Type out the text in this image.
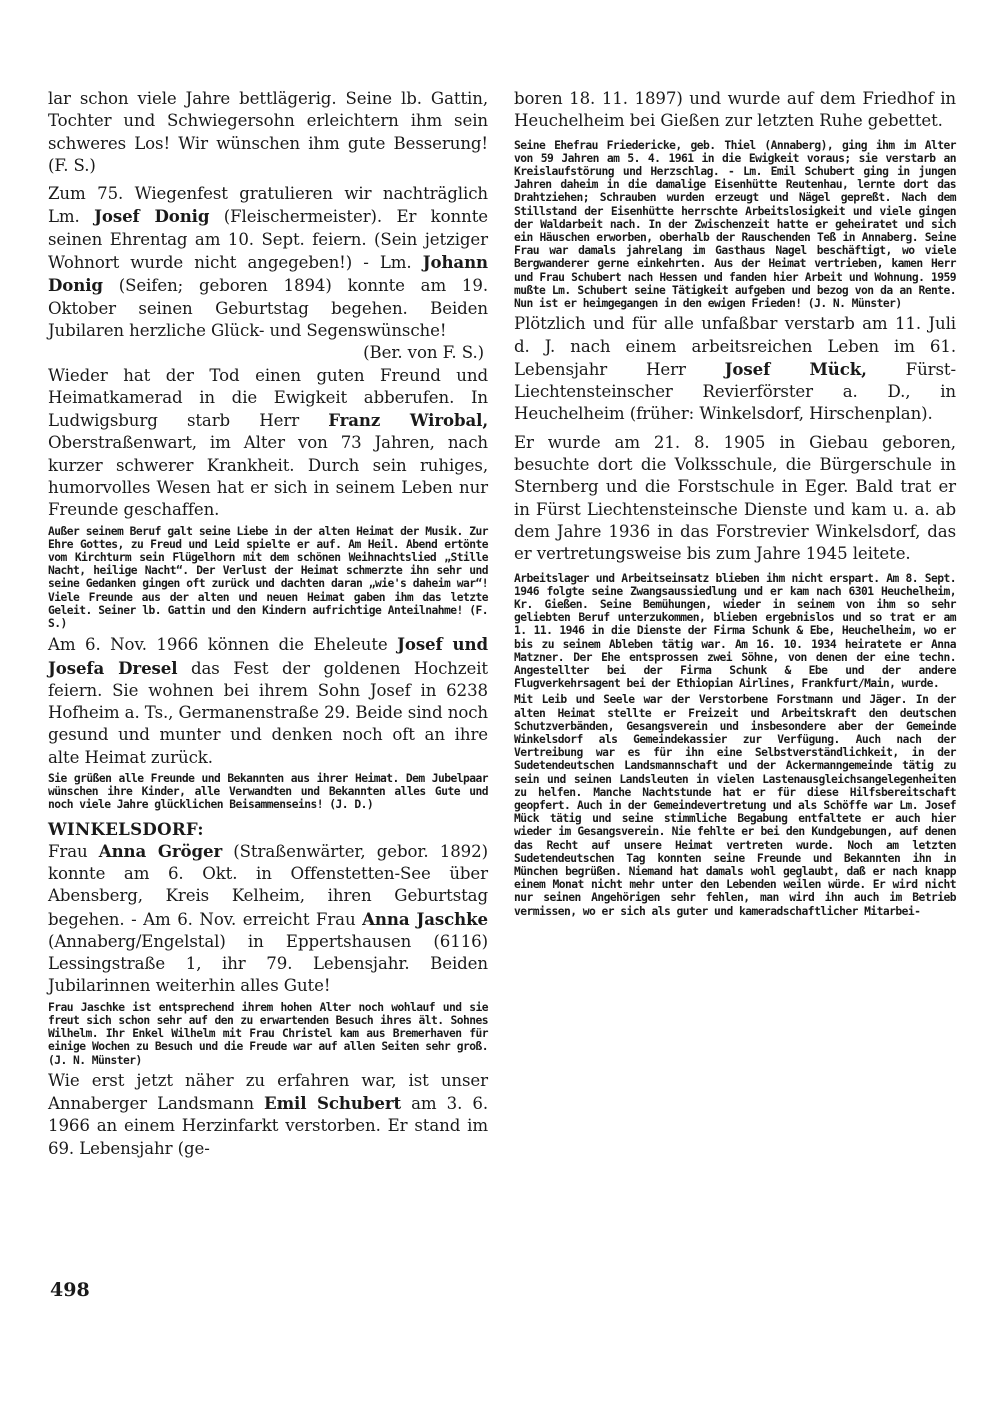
lar schon viele Jahre bettlägerig. Seine lb. Gattin, Tochter und Schwiegersohn erleichtern ihm sein schweres Los! Wir wünschen ihm gute Besserung! (F. S.)

Zum 75. Wiegenfest gratulieren wir nachträglich Lm. Josef Donig (Fleischermeister). Er konnte seinen Ehrentag am 10. Sept. feiern. (Sein jetziger Wohnort wurde nicht angegeben!) - Lm. Johann Donig (Seifen; geboren 1894) konnte am 19. Oktober seinen Geburtstag begehen. Beiden Jubilaren herzliche Glück- und Segenswünsche!

(Ber. von F. S.)

Wieder hat der Tod einen guten Freund und Heimatkamerad in die Ewigkeit abberufen. In Ludwigsburg starb Herr Franz Wirobal, Oberstraßenwart, im Alter von 73 Jahren, nach kurzer schwerer Krankheit. Durch sein ruhiges, humorvolles Wesen hat er sich in seinem Leben nur Freunde geschaffen.

Außer seinem Beruf galt seine Liebe in der alten Heimat der Musik. Zur Ehre Gottes, zu Freud und Leid spielte er auf. Am Heil. Abend ertönte vom Kirchturm sein Flügelhorn mit dem schönen Weihnachtslied „Stille Nacht, heilige Nacht“. Der Verlust der Heimat schmerzte ihn sehr und seine Gedanken gingen oft zurück und dachten daran „wie's daheim war“! Viele Freunde aus der alten und neuen Heimat gaben ihm das letzte Geleit. Seiner lb. Gattin und den Kindern aufrichtige Anteilnahme! (F. S.)

Am 6. Nov. 1966 können die Eheleute Josef und Josefa Dresel das Fest der goldenen Hochzeit feiern. Sie wohnen bei ihrem Sohn Josef in 6238 Hofheim a. Ts., Germanenstraße 29. Beide sind noch gesund und munter und denken noch oft an ihre alte Heimat zurück.

Sie grüßen alle Freunde und Bekannten aus ihrer Heimat. Dem Jubelpaar wünschen ihre Kinder, alle Verwandten und Bekannten alles Gute und noch viele Jahre glücklichen Beisammenseins! (J. D.)

WINKELSDORF:

Frau Anna Gröger (Straßenwärter, gebor. 1892) konnte am 6. Okt. in Offenstetten-See über Abensberg, Kreis Kelheim, ihren Geburtstag begehen. - Am 6. Nov. erreicht Frau Anna Jaschke (Annaberg/Engelstal) in Eppertshausen (6116) Lessingstraße 1, ihr 79. Lebensjahr. Beiden Jubilarinnen weiterhin alles Gute!

Frau Jaschke ist entsprechend ihrem hohen Alter noch wohlauf und sie freut sich schon sehr auf den zu erwartenden Besuch ihres ält. Sohnes Wilhelm. Ihr Enkel Wilhelm mit Frau Christel kam aus Bremerhaven für einige Wochen zu Besuch und die Freude war auf allen Seiten sehr groß. (J. N. Münster)

Wie erst jetzt näher zu erfahren war, ist unser Annaberger Landsmann Emil Schubert am 3. 6. 1966 an einem Herzinfarkt verstorben. Er stand im 69. Lebensjahr (ge-

boren 18. 11. 1897) und wurde auf dem Friedhof in Heuchelheim bei Gießen zur letzten Ruhe gebettet.

Seine Ehefrau Friedericke, geb. Thiel (Annaberg), ging ihm im Alter von 59 Jahren am 5. 4. 1961 in die Ewigkeit voraus; sie verstarb an Kreislaufstörung und Herzschlag. - Lm. Emil Schubert ging in jungen Jahren daheim in die damalige Eisenhütte Reutenhau, lernte dort das Drahtziehen; Schrauben wurden erzeugt und Nägel gepreßt. Nach dem Stillstand der Eisenhütte herrschte Arbeitslosigkeit und viele gingen der Waldarbeit nach. In der Zwischenzeit hatte er geheiratet und sich ein Häuschen erworben, oberhalb der Rauschenden Teß in Annaberg. Seine Frau war damals jahrelang im Gasthaus Nagel beschäftigt, wo viele Bergwanderer gerne einkehrten. Aus der Heimat vertrieben, kamen Herr und Frau Schubert nach Hessen und fanden hier Arbeit und Wohnung. 1959 mußte Lm. Schubert seine Tätigkeit aufgeben und bezog von da an Rente. Nun ist er heimgegangen in den ewigen Frieden! (J. N. Münster)

Plötzlich und für alle unfaßbar verstarb am 11. Juli d. J. nach einem arbeitsreichen Leben im 61. Lebensjahr Herr Josef Mück, Fürst-Liechtensteinscher Revierförster a. D., in Heuchelheim (früher: Winkelsdorf, Hirschenplan).

Er wurde am 21. 8. 1905 in Giebau geboren, besuchte dort die Volksschule, die Bürgerschule in Sternberg und die Forstschule in Eger. Bald trat er in Fürst Liechtensteinsche Dienste und kam u. a. ab dem Jahre 1936 in das Forstrevier Winkelsdorf, das er vertretungsweise bis zum Jahre 1945 leitete.

Arbeitslager und Arbeitseinsatz blieben ihm nicht erspart. Am 8. Sept. 1946 folgte seine Zwangsaussiedlung und er kam nach 6301 Heuchelheim, Kr. Gießen. Seine Bemühungen, wieder in seinem von ihm so sehr geliebten Beruf unterzukommen, blieben ergebnislos und so trat er am 1. 11. 1946 in die Dienste der Firma Schunk & Ebe, Heuchelheim, wo er bis zu seinem Ableben tätig war. Am 16. 10. 1934 heiratete er Anna Matzner. Der Ehe entsprossen zwei Söhne, von denen der eine techn. Angestellter bei der Firma Schunk & Ebe und der andere Flugverkehrsagent bei der Ethiopian Airlines, Frankfurt/Main, wurde.

Mit Leib und Seele war der Verstorbene Forstmann und Jäger. In der alten Heimat stellte er Freizeit und Arbeitskraft den deutschen Schutzverbänden, Gesangsverein und insbesondere aber der Gemeinde Winkelsdorf als Gemeindekassier zur Verfügung. Auch nach der Vertreibung war es für ihn eine Selbstverständlichkeit, in der Sudetendeutschen Landsmannschaft und der Ackermanngemeinde tätig zu sein und seinen Landsleuten in vielen Lastenausgleichsangelegenheiten zu helfen. Manche Nachtstunde hat er für diese Hilfsbereitschaft geopfert. Auch in der Gemeindevertretung und als Schöffe war Lm. Josef Mück tätig und seine stimmliche Begabung entfaltete er auch hier wieder im Gesangsverein. Nie fehlte er bei den Kundgebungen, auf denen das Recht auf unsere Heimat vertreten wurde. Noch am letzten Sudetendeutschen Tag konnten seine Freunde und Bekannten ihn in München begrüßen. Niemand hat damals wohl geglaubt, daß er nach knapp einem Monat nicht mehr unter den Lebenden weilen würde. Er wird nicht nur seinen Angehörigen sehr fehlen, man wird ihn auch im Betrieb vermissen, wo er sich als guter und kameradschaftlicher Mitarbei-

498
